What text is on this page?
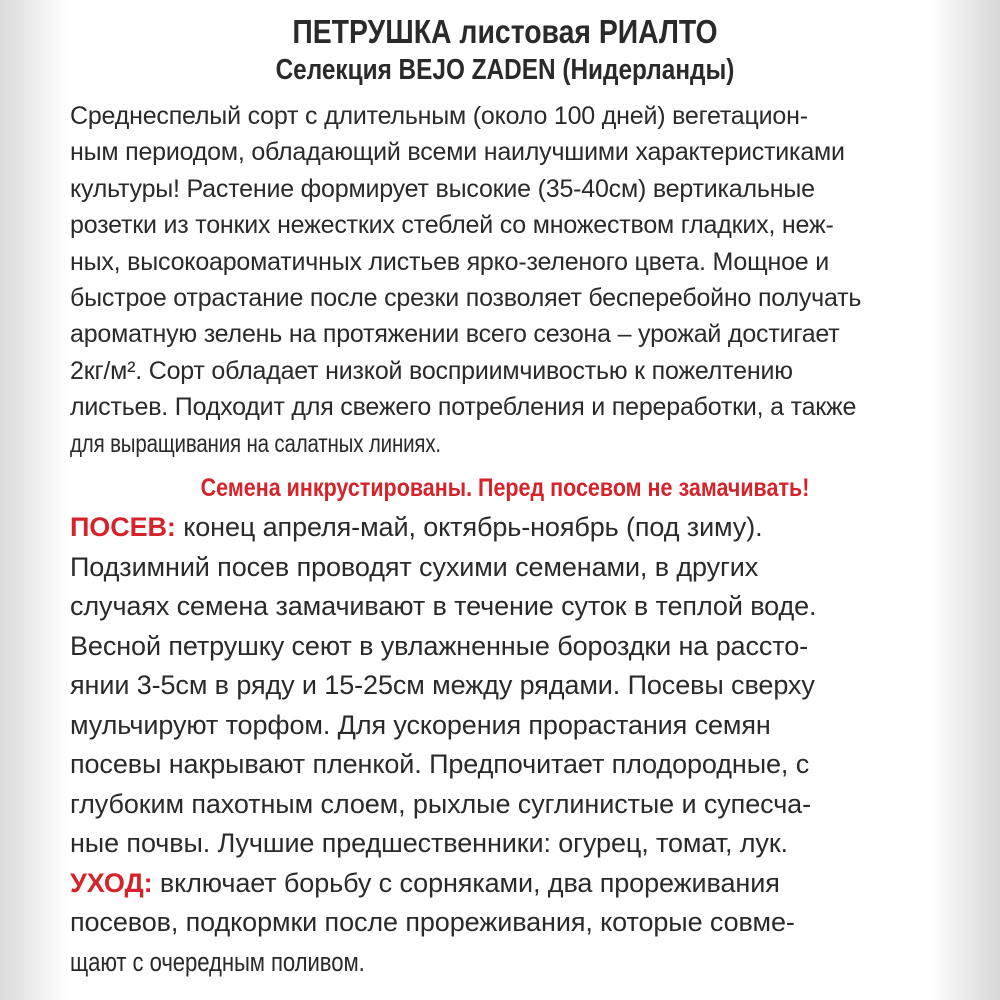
ПЕТРУШКА листовая РИАЛТО
Селекция BEJO ZADEN (Нидерланды)
Среднеспелый сорт с длительным (около 100 дней) вегетацион-
ным периодом, обладающий всеми наилучшими характеристиками
культуры! Растение формирует высокие (35-40см) вертикальные
розетки из тонких нежестких стеблей со множеством гладких, неж-
ных, высокоароматичных листьев ярко-зеленого цвета. Мощное и
быстрое отрастание после срезки позволяет бесперебойно получать
ароматную зелень на протяжении всего сезона – урожай достигает
2кг/м². Сорт обладает низкой восприимчивостью к пожелтению
листьев. Подходит для свежего потребления и переработки, а также
для выращивания на салатных линиях.
Семена инкрустированы. Перед посевом не замачивать!
ПОСЕВ: конец апреля-май, октябрь-ноябрь (под зиму).
Подзимний посев проводят сухими семенами, в других
случаях семена замачивают в течение суток в теплой воде.
Весной петрушку сеют в увлажненные бороздки на рассто-
янии 3-5см в ряду и 15-25см между рядами. Посевы сверху
мульчируют торфом. Для ускорения прорастания семян
посевы накрывают пленкой. Предпочитает плодородные, с
глубоким пахотным слоем, рыхлые суглинистые и супесча-
ные почвы. Лучшие предшественники: огурец, томат, лук.
УХОД: включает борьбу с сорняками, два прореживания
посевов, подкормки после прореживания, которые совме-
щают с очередным поливом.
